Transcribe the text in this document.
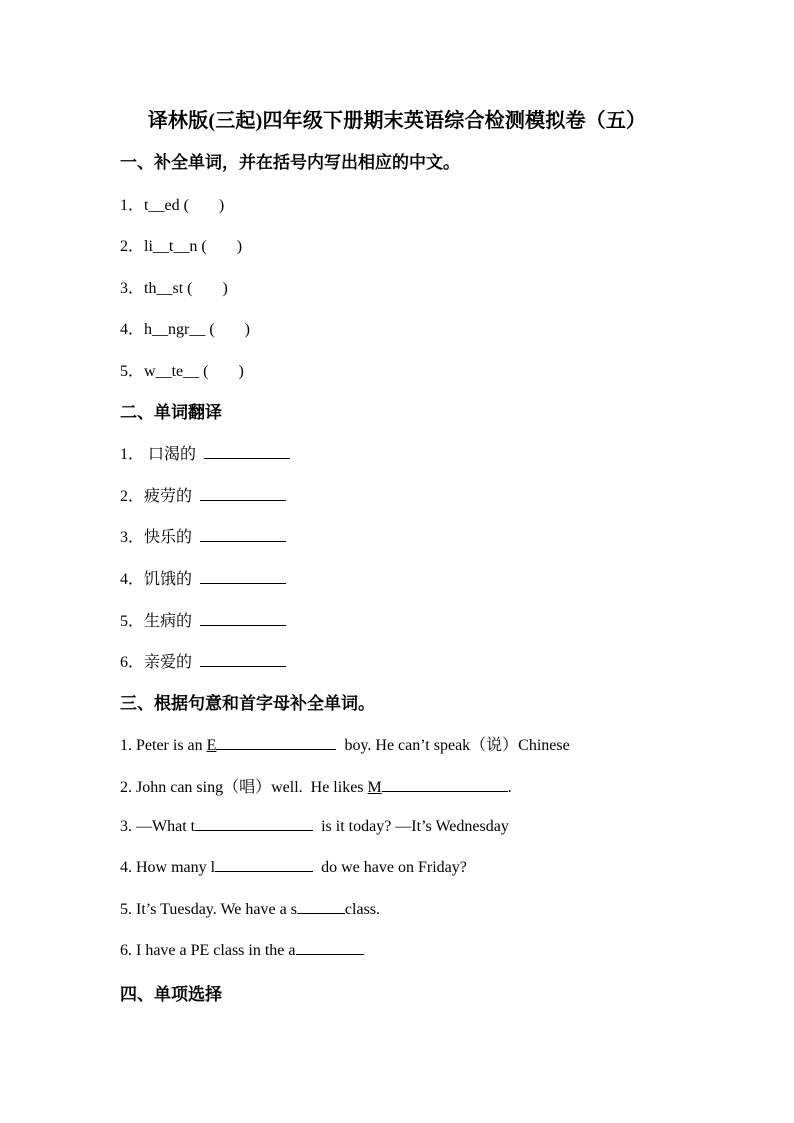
译林版(三起)四年级下册期末英语综合检测模拟卷（五）
一、补全单词，并在括号内写出相应的中文。
1．t__ed ( )
2．li__t__n ( )
3．th__st ( )
4．h__ngr__ ( )
5．w__te__ ( )
二、单词翻译
1． 口渴的
2．疲劳的
3．快乐的
4．饥饿的
5．生病的
6．亲爱的
三、根据句意和首字母补全单词。
1. Peter is an E	boy. He can’t speak（说）Chinese
2. John can sing（唱）well.  He likes M	.
3. —What t	is it today? —It’s Wednesday
4. How many l	do we have on Friday?
5. It’s Tuesday. We have a s	class.
6. I have a PE class in the a
四、单项选择
